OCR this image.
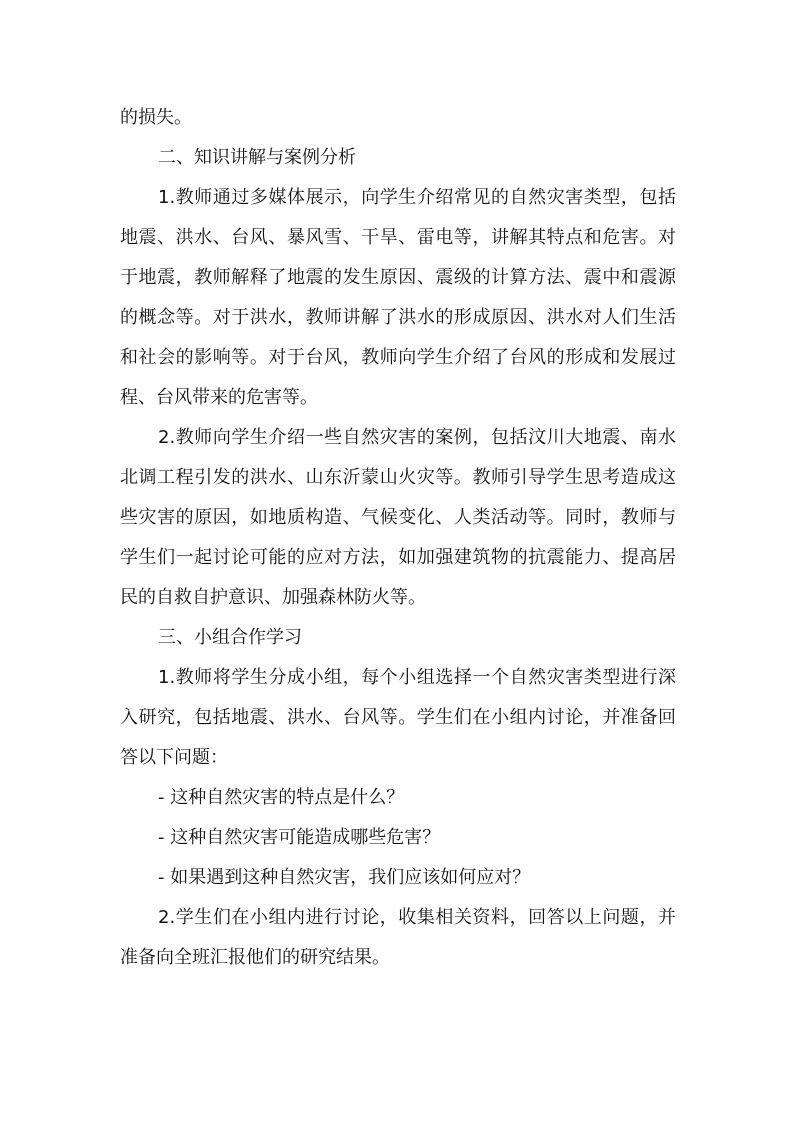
的损失。

二、知识讲解与案例分析

1.教师通过多媒体展示，向学生介绍常见的自然灾害类型，包括地震、洪水、台风、暴风雪、干旱、雷电等，讲解其特点和危害。对于地震，教师解释了地震的发生原因、震级的计算方法、震中和震源的概念等。对于洪水，教师讲解了洪水的形成原因、洪水对人们生活和社会的影响等。对于台风，教师向学生介绍了台风的形成和发展过程、台风带来的危害等。

2.教师向学生介绍一些自然灾害的案例，包括汶川大地震、南水北调工程引发的洪水、山东沂蒙山火灾等。教师引导学生思考造成这些灾害的原因，如地质构造、气候变化、人类活动等。同时，教师与学生们一起讨论可能的应对方法，如加强建筑物的抗震能力、提高居民的自救自护意识、加强森林防火等。

三、小组合作学习

1.教师将学生分成小组，每个小组选择一个自然灾害类型进行深入研究，包括地震、洪水、台风等。学生们在小组内讨论，并准备回答以下问题：

- 这种自然灾害的特点是什么？

- 这种自然灾害可能造成哪些危害？

- 如果遇到这种自然灾害，我们应该如何应对？

2.学生们在小组内进行讨论，收集相关资料，回答以上问题，并准备向全班汇报他们的研究结果。
